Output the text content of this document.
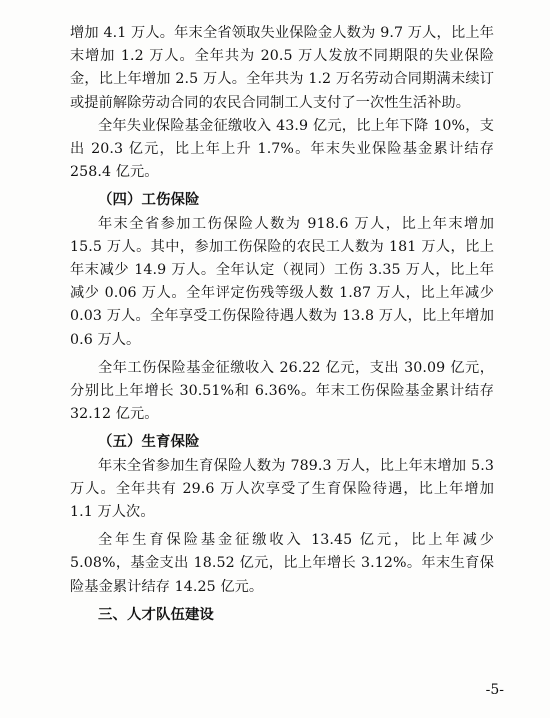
增加 4.1 万人。年末全省领取失业保险金人数为 9.7 万人，比上年末增加 1.2 万人。全年共为 20.5 万人发放不同期限的失业保险金，比上年增加 2.5 万人。全年共为 1.2 万名劳动合同期满未续订或提前解除劳动合同的农民合同制工人支付了一次性生活补助。

全年失业保险基金征缴收入 43.9 亿元，比上年下降 10%，支出 20.3 亿元，比上年上升 1.7%。年末失业保险基金累计结存 258.4 亿元。

（四）工伤保险

年末全省参加工伤保险人数为 918.6 万人，比上年末增加 15.5 万人。其中，参加工伤保险的农民工人数为 181 万人，比上年末减少 14.9 万人。全年认定（视同）工伤 3.35 万人，比上年减少 0.06 万人。全年评定伤残等级人数 1.87 万人，比上年减少 0.03 万人。全年享受工伤保险待遇人数为 13.8 万人，比上年增加 0.6 万人。

全年工伤保险基金征缴收入 26.22 亿元，支出 30.09 亿元，分别比上年增长 30.51%和 6.36%。年末工伤保险基金累计结存 32.12 亿元。

（五）生育保险

年末全省参加生育保险人数为 789.3 万人，比上年末增加 5.3 万人。全年共有 29.6 万人次享受了生育保险待遇，比上年增加 1.1 万人次。

全年生育保险基金征缴收入 13.45 亿元，比上年减少 5.08%，基金支出 18.52 亿元，比上年增长 3.12%。年末生育保险基金累计结存 14.25 亿元。

三、人才队伍建设
-5-
